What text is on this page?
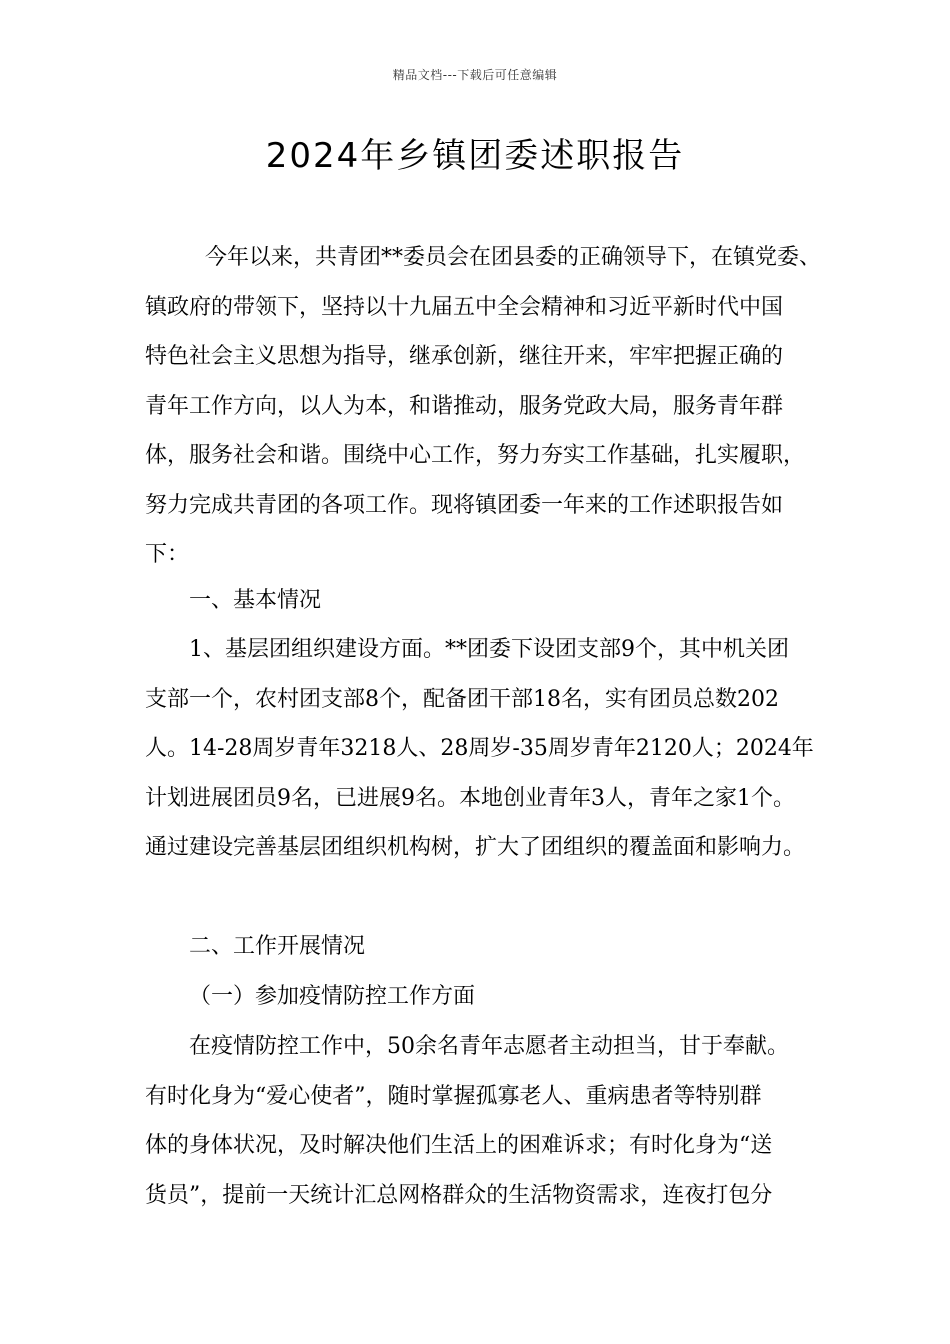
精品文档---下载后可任意编辑
2024年乡镇团委述职报告
今年以来，共青团**委员会在团县委的正确领导下，在镇党委、
镇政府的带领下，坚持以十九届五中全会精神和习近平新时代中国
特色社会主义思想为指导，继承创新，继往开来，牢牢把握正确的
青年工作方向，以人为本，和谐推动，服务党政大局，服务青年群
体，服务社会和谐。围绕中心工作，努力夯实工作基础，扎实履职，
努力完成共青团的各项工作。现将镇团委一年来的工作述职报告如
下：
一、基本情况
1、基层团组织建设方面。**团委下设团支部9个，其中机关团
支部一个，农村团支部8个，配备团干部18名，实有团员总数202
人。14-28周岁青年3218人、28周岁-35周岁青年2120人；2024年
计划进展团员9名，已进展9名。本地创业青年3人，青年之家1个。
通过建设完善基层团组织机构树，扩大了团组织的覆盖面和影响力。
二、工作开展情况
（一）参加疫情防控工作方面
在疫情防控工作中，50余名青年志愿者主动担当，甘于奉献。
有时化身为“爱心使者”，随时掌握孤寡老人、重病患者等特别群
体的身体状况，及时解决他们生活上的困难诉求；有时化身为“送
货员”，提前一天统计汇总网格群众的生活物资需求，连夜打包分
